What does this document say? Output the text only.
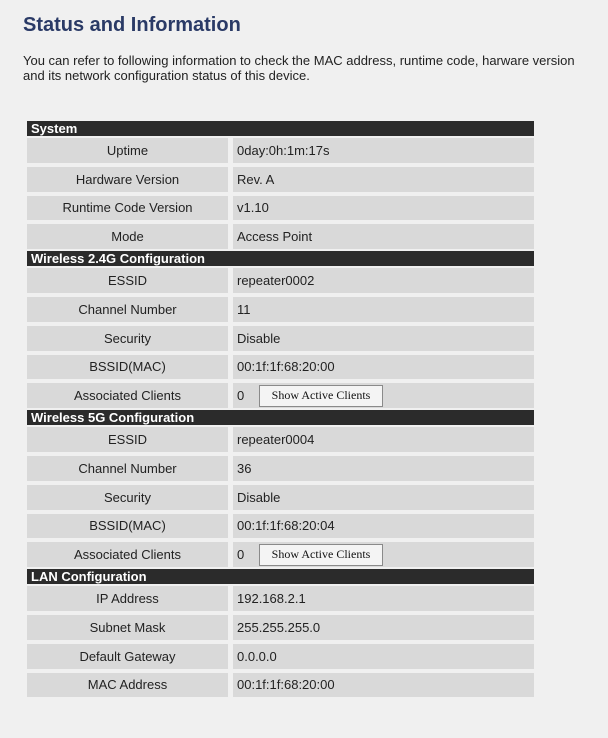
Status and Information
You can refer to following information to check the MAC address, runtime code, harware version and its network configuration status of this device.
System
Uptime	0day:0h:1m:17s
Hardware Version	Rev. A
Runtime Code Version	v1.10
Mode	Access Point
Wireless 2.4G Configuration
ESSID	repeater0002
Channel Number	11
Security	Disable
BSSID(MAC)	00:1f:1f:68:20:00
Associated Clients	0	Show Active Clients
Wireless 5G Configuration
ESSID	repeater0004
Channel Number	36
Security	Disable
BSSID(MAC)	00:1f:1f:68:20:04
Associated Clients	0	Show Active Clients
LAN Configuration
IP Address	192.168.2.1
Subnet Mask	255.255.255.0
Default Gateway	0.0.0.0
MAC Address	00:1f:1f:68:20:00
